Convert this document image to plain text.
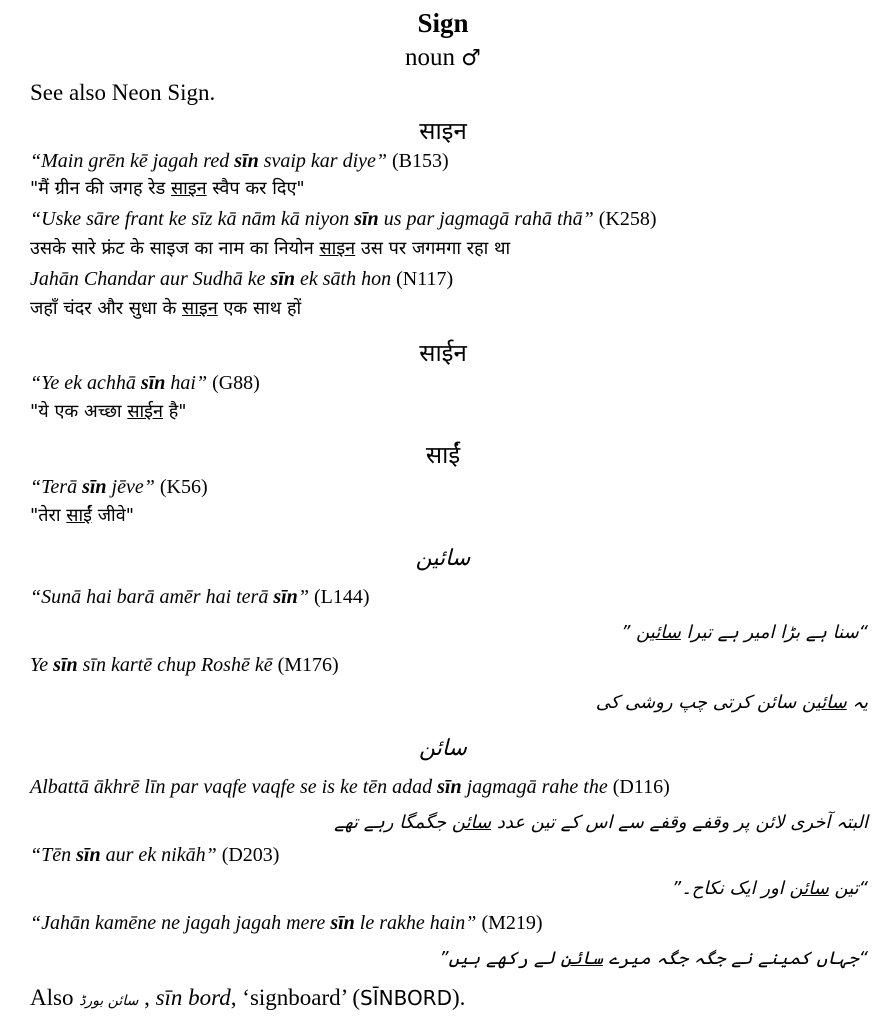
Sign
noun ♂
See also Neon Sign.
साइन
“Main grēn kē jagah red sīn svaip kar diye” (B153)
"मैं ग्रीन की जगह रेड साइन स्वैप कर दिए"
“Uske sāre frant ke sīz kā nām kā niyon sīn us par jagmagā rahā thā” (K258)
उसके सारे फ्रंट के साइज का नाम का नियोन साइन उस पर जगमगा रहा था
Jahān Chandar aur Sudhā ke sīn ek sāth hon (N117)
जहाँ चंदर और सुधा के साइन एक साथ हों
साईन
“Ye ek achhā sīn hai” (G88)
"ये एक अच्छा साईन है"
साईं
“Terā sīn jēve” (K56)
"तेरा साईं जीवे"
سائین
“Sunā hai barā amēr hai terā sīn” (L144)
“سنا ہے بڑا امیر ہے تیرا سائین ”
Ye sīn sīn kartē chup Roshē kē (M176)
یہ سائین سائن کرتی چپ روشی کی
سائن
Albattā ākhrē līn par vaqfe vaqfe se is ke tēn adad sīn jagmagā rahe the (D116)
البتہ آخری لائن پر وقفے وقفے سے اس کے تین عدد سائن جگمگا رہے تھے
“Tēn sīn aur ek nikāh” (D203)
“تین سائن اور ایک نکاح۔”
“Jahān kamēne ne jagah jagah mere sīn le rakhe hain” (M219)
“جہاں کمینے نے جگہ جگہ میرے سائن لے رکھے ہیں”
Also سائن بورڈ , sīn bord, ‘signboard’ (SĪNBORD).
